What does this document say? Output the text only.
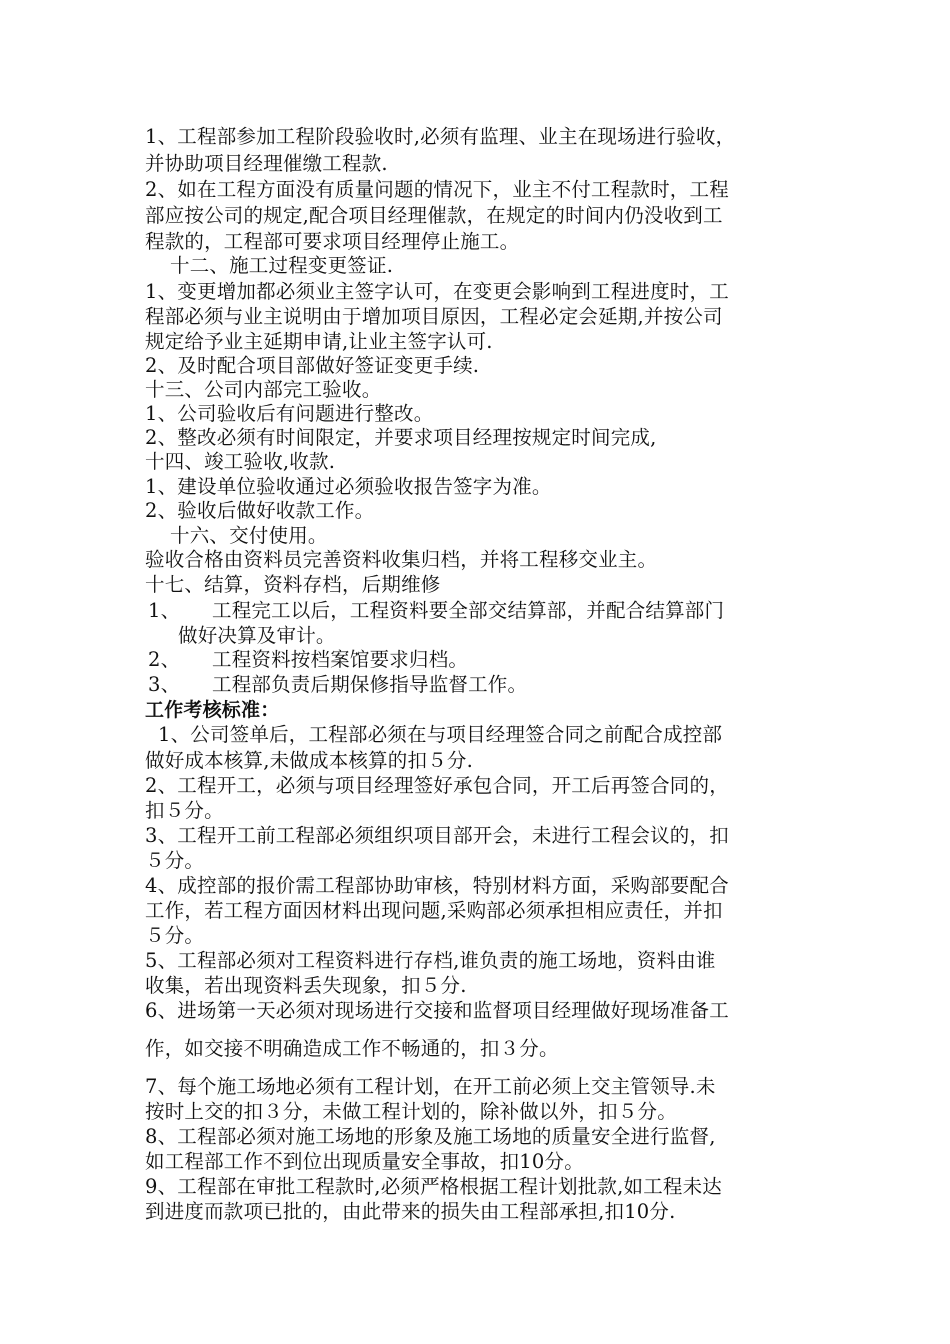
1、工程部参加工程阶段验收时,必须有监理、业主在现场进行验收，
并协助项目经理催缴工程款.
2、如在工程方面没有质量问题的情况下，业主不付工程款时，工程
部应按公司的规定,配合项目经理催款，在规定的时间内仍没收到工
程款的，工程部可要求项目经理停止施工。
十二、施工过程变更签证.
1、变更增加都必须业主签字认可，在变更会影响到工程进度时，工
程部必须与业主说明由于增加项目原因，工程必定会延期,并按公司
规定给予业主延期申请,让业主签字认可.
2、及时配合项目部做好签证变更手续.
十三、公司内部完工验收。
1、公司验收后有问题进行整改。
2、整改必须有时间限定，并要求项目经理按规定时间完成,
十四、竣工验收,收款.
1、建设单位验收通过必须验收报告签字为准。
2、验收后做好收款工作。
十六、交付使用。
验收合格由资料员完善资料收集归档，并将工程移交业主。
十七、结算，资料存档，后期维修
1、 工程完工以后，工程资料要全部交结算部，并配合结算部门
做好决算及审计。
2、 工程资料按档案馆要求归档。
3、 工程部负责后期保修指导监督工作。
工作考核标准：
1、公司签单后，工程部必须在与项目经理签合同之前配合成控部
做好成本核算,未做成本核算的扣５分.
2、工程开工，必须与项目经理签好承包合同，开工后再签合同的，
扣５分。
3、工程开工前工程部必须组织项目部开会，未进行工程会议的，扣
５分。
4、成控部的报价需工程部协助审核，特别材料方面，采购部要配合
工作，若工程方面因材料出现问题,采购部必须承担相应责任，并扣
５分。
5、工程部必须对工程资料进行存档,谁负责的施工场地，资料由谁
收集，若出现资料丢失现象，扣５分.
6、进场第一天必须对现场进行交接和监督项目经理做好现场准备工
作，如交接不明确造成工作不畅通的，扣３分。
7、每个施工场地必须有工程计划，在开工前必须上交主管领导.未
按时上交的扣３分，未做工程计划的，除补做以外，扣５分。
8、工程部必须对施工场地的形象及施工场地的质量安全进行监督,
如工程部工作不到位出现质量安全事故，扣10分。
9、工程部在审批工程款时,必须严格根据工程计划批款,如工程未达
到进度而款项已批的，由此带来的损失由工程部承担,扣10分.
